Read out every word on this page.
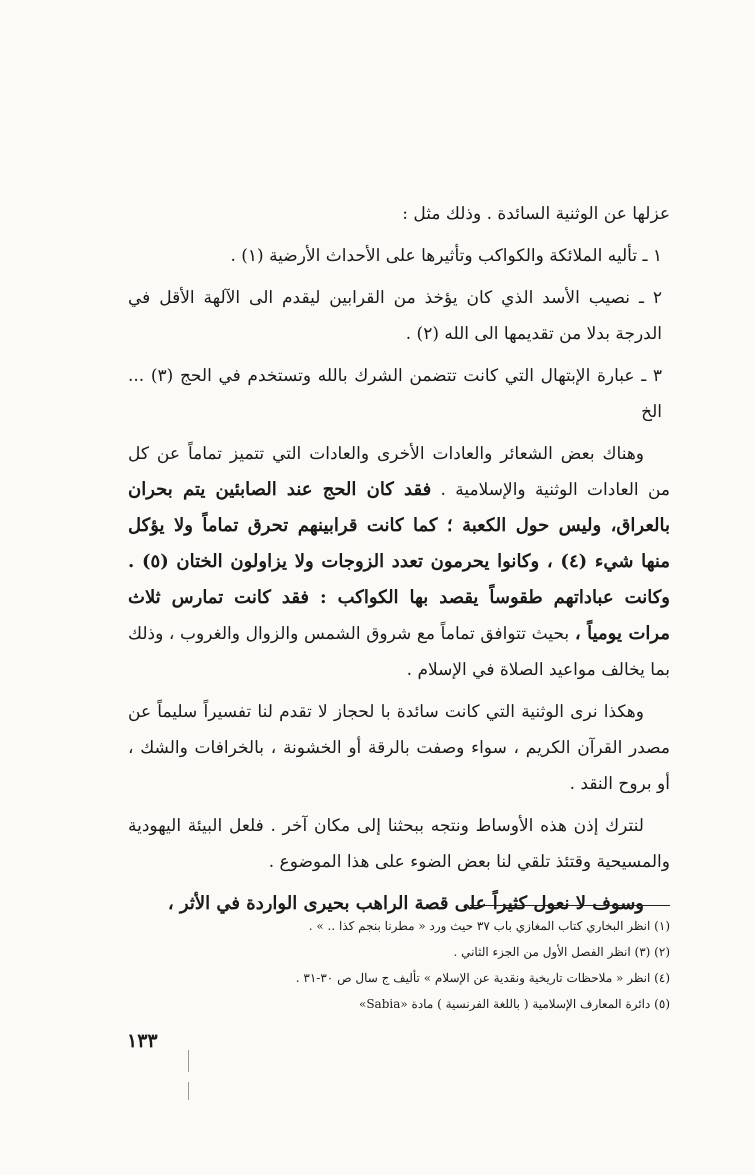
عزلها عن الوثنية السائدة . وذلك مثل :

١ ـ تأليه الملائكة والكواكب وتأثيرها على الأحداث الأرضية (١) .

٢ ـ نصيب الأسد الذي كان يؤخذ من القرابين ليقدم الى الآلهة الأقل في الدرجة بدلا من تقديمها الى الله (٢) .

٣ ـ عبارة الإبتهال التي كانت تتضمن الشرك بالله وتستخدم في الحج (٣) ... الخ

وهناك بعض الشعائر والعادات الأخرى والعادات التي تتميز تماماً عن كل من العادات الوثنية والإسلامية . فقد كان الحج عند الصابئين يتم بحران بالعراق، وليس حول الكعبة ؛ كما كانت قرابينهم تحرق تماماً ولا يؤكل منها شيء (٤) ، وكانوا يحرمون تعدد الزوجات ولا يزاولون الختان (٥) . وكانت عباداتهم طقوساً يقصد بها الكواكب : فقد كانت تمارس ثلاث مرات يومياً ، بحيث تتوافق تماماً مع شروق الشمس والزوال والغروب ، وذلك بما يخالف مواعيد الصلاة في الإسلام .

وهكذا نرى الوثنية التي كانت سائدة با لحجاز لا تقدم لنا تفسيراً سليماً عن مصدر القرآن الكريم ، سواء وصفت بالرقة أو الخشونة ، بالخرافات والشك ، أو بروح النقد .

لنترك إذن هذه الأوساط ونتجه ببحثنا إلى مكان آخر . فلعل البيئة اليهودية والمسيحية وقتئذ تلقي لنا بعض الضوء على هذا الموضوع .

وسوف لا نعول كثيراً على قصة الراهب بحيرى الواردة في الأثر ،

(١) انظر البخاري كتاب المغازي باب ٣٧ حيث ورد « مطرنا بنجم كذا .. » .

(٢) (٣) انظر الفصل الأول من الجزء الثاني .

(٤) انظر « ملاحظات تاريخية ونقدية عن الإسلام » تأليف ج سال ص ٣٠-٣١ .

(٥) دائرة المعارف الإسلامية ( باللغة الفرنسية ) مادة «Sabia»

١٣٣
